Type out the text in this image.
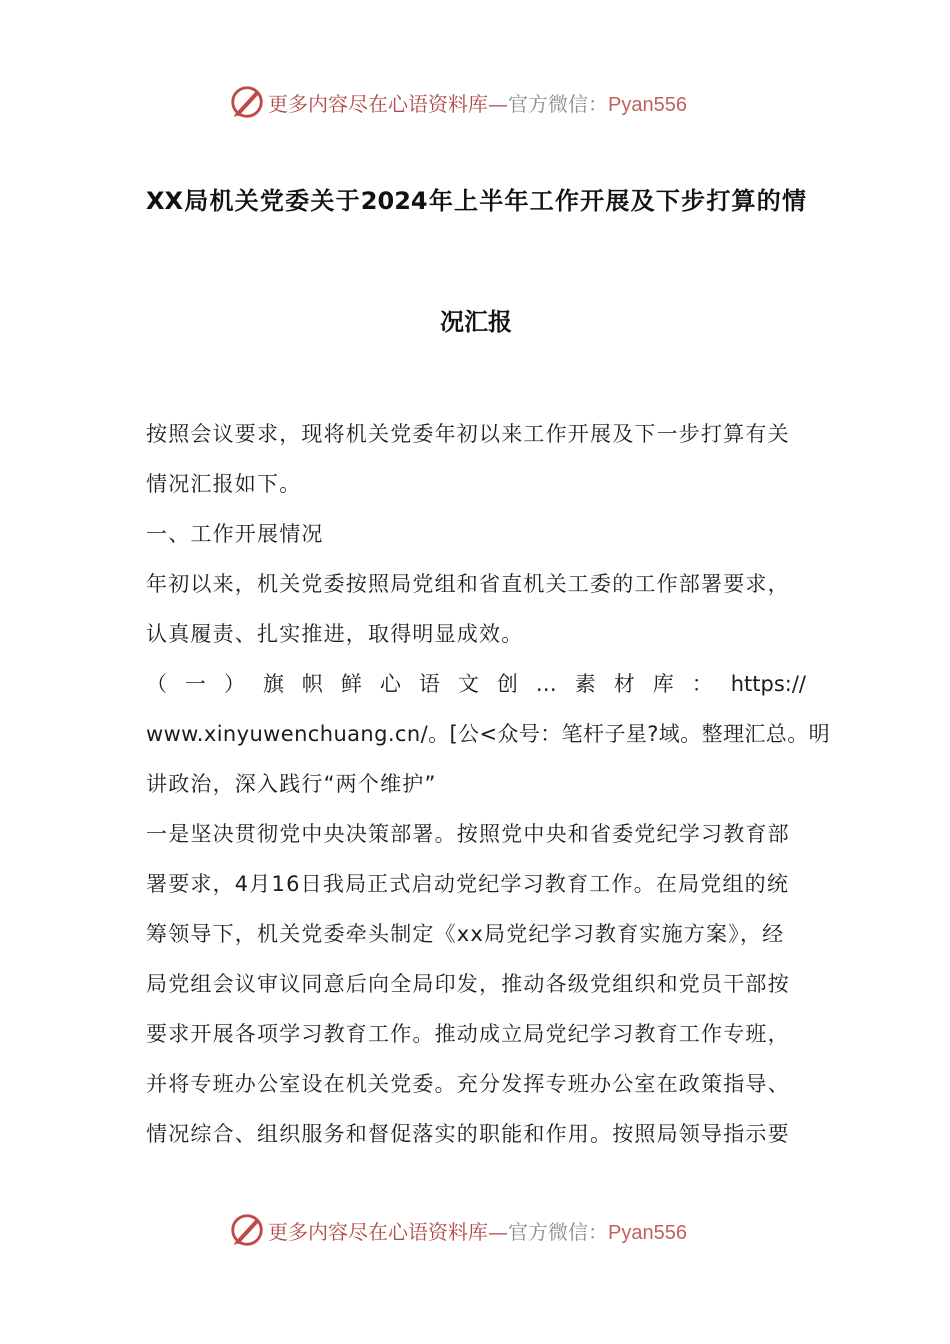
更多内容尽在心语资料库—官方微信：Pyan556
XX局机关党委关于2024年上半年工作开展及下步打算的情
况汇报
按照会议要求，现将机关党委年初以来工作开展及下一步打算有关
情况汇报如下。
一、工作开展情况
年初以来，机关党委按照局党组和省直机关工委的工作部署要求，
认真履责、扎实推进，取得明显成效。
（一）旗帜鲜心语文创…素材库：https://
www.xinyuwenchuang.cn/。[公<众号：笔杆子星?域。整理汇总。明
讲政治，深入践行“两个维护”
一是坚决贯彻党中央决策部署。按照党中央和省委党纪学习教育部
署要求，4月16日我局正式启动党纪学习教育工作。在局党组的统
筹领导下，机关党委牵头制定《xx局党纪学习教育实施方案》，经
局党组会议审议同意后向全局印发，推动各级党组织和党员干部按
要求开展各项学习教育工作。推动成立局党纪学习教育工作专班，
并将专班办公室设在机关党委。充分发挥专班办公室在政策指导、
情况综合、组织服务和督促落实的职能和作用。按照局领导指示要
更多内容尽在心语资料库—官方微信：Pyan556
